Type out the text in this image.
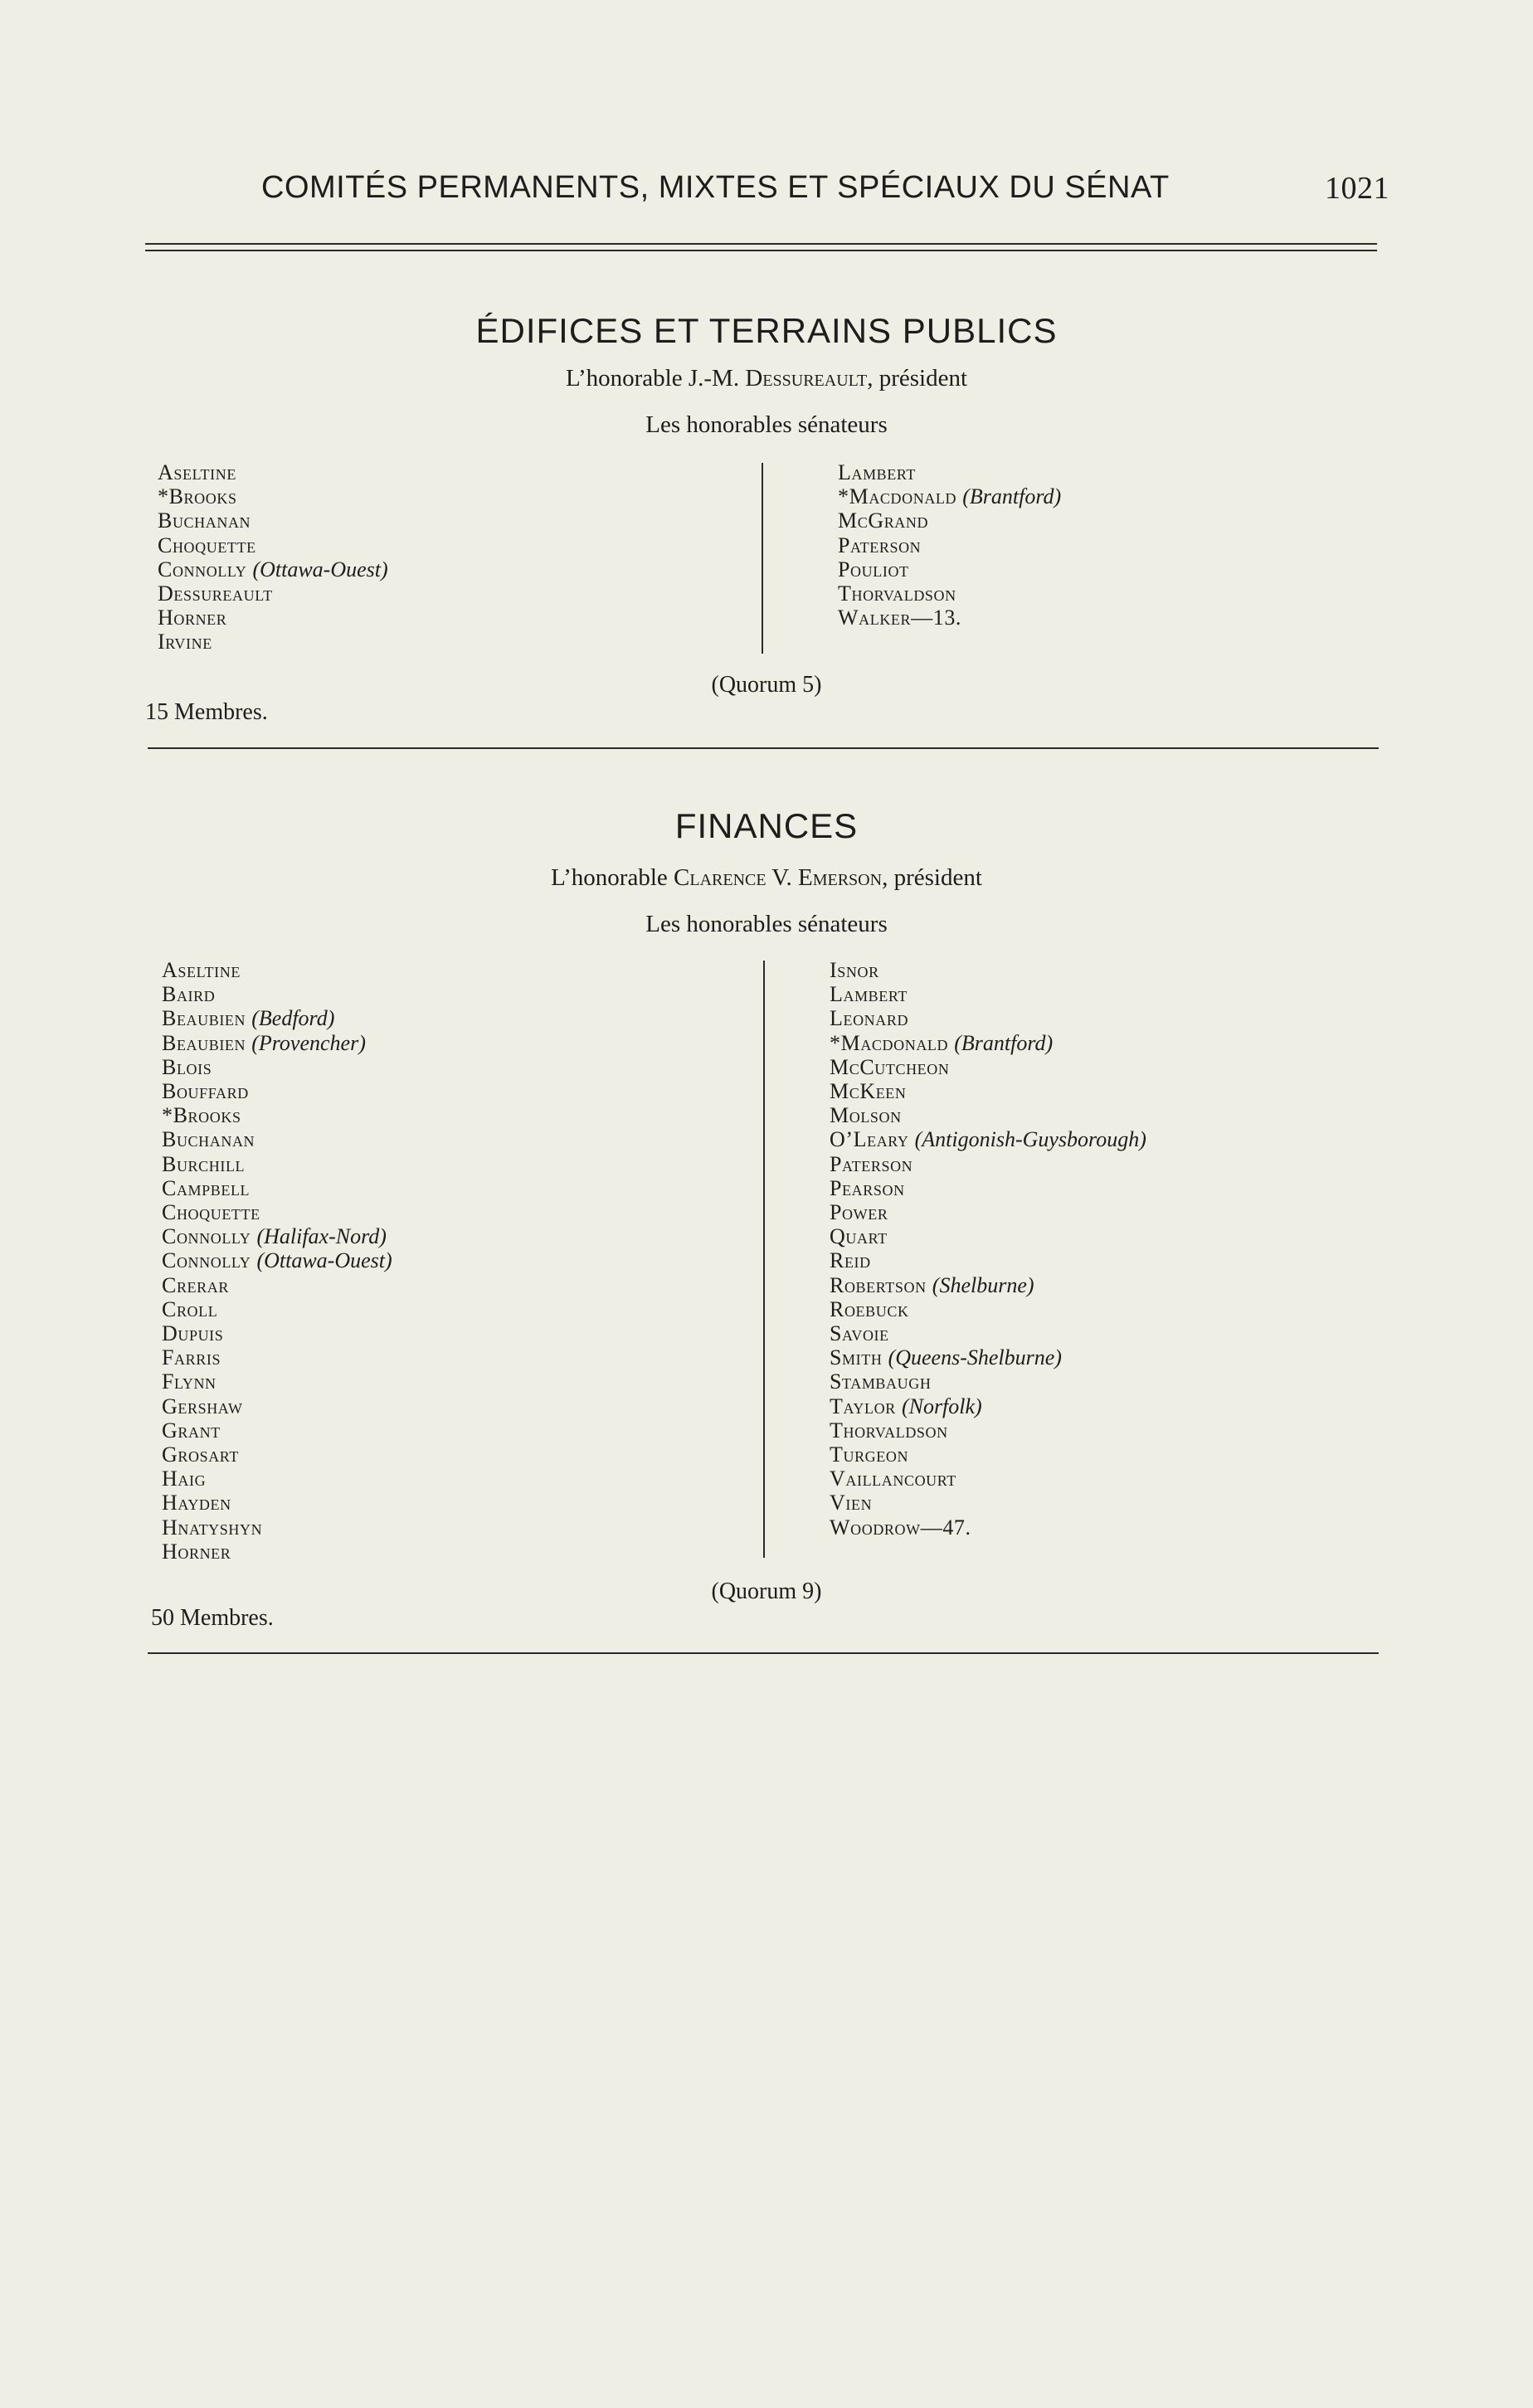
COMITÉS PERMANENTS, MIXTES ET SPÉCIAUX DU SÉNAT	1021
ÉDIFICES ET TERRAINS PUBLICS
L’honorable J.-M. Dessureault, président
Les honorables sénateurs
Aseltine
*Brooks
Buchanan
Choquette
Connolly (Ottawa-Ouest)
Dessureault
Horner
Irvine
Lambert
*Macdonald (Brantford)
McGrand
Paterson
Pouliot
Thorvaldson
Walker—13.
(Quorum 5)
15 Membres.
FINANCES
L’honorable Clarence V. Emerson, président
Les honorables sénateurs
Aseltine
Baird
Beaubien (Bedford)
Beaubien (Provencher)
Blois
Bouffard
*Brooks
Buchanan
Burchill
Campbell
Choquette
Connolly (Halifax-Nord)
Connolly (Ottawa-Ouest)
Crerar
Croll
Dupuis
Farris
Flynn
Gershaw
Grant
Grosart
Haig
Hayden
Hnatyshyn
Horner
Isnor
Lambert
Leonard
*Macdonald (Brantford)
McCutcheon
McKeen
Molson
O’Leary (Antigonish-Guysborough)
Paterson
Pearson
Power
Quart
Reid
Robertson (Shelburne)
Roebuck
Savoie
Smith (Queens-Shelburne)
Stambaugh
Taylor (Norfolk)
Thorvaldson
Turgeon
Vaillancourt
Vien
Woodrow—47.
(Quorum 9)
50 Membres.
